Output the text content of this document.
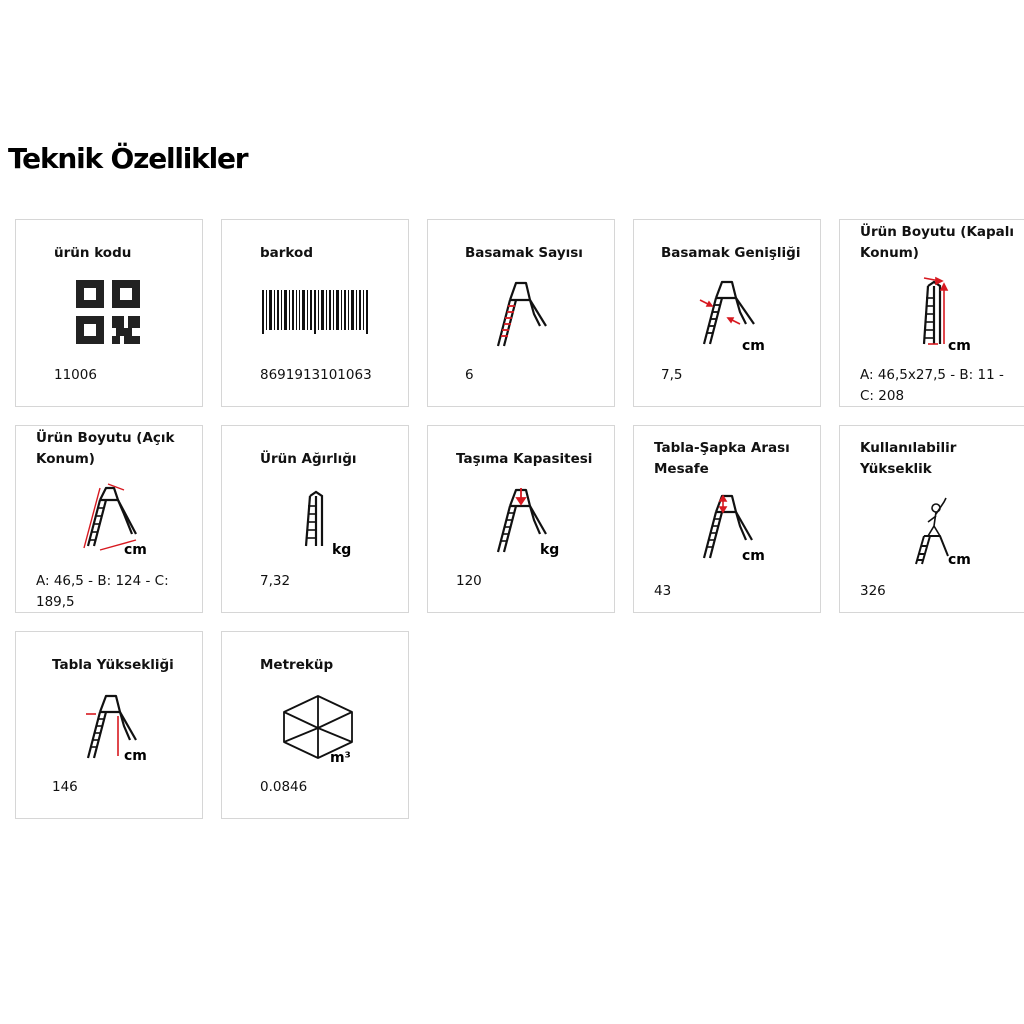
Teknik Özellikler
ürün kodu
11006
barkod
8691913101063
Basamak Sayısı
6
Basamak Genişliği
cm
7,5
Ürün Boyutu (Kapalı Konum)
cm
A: 46,5x27,5 - B: 11 - C: 208
Ürün Boyutu (Açık Konum)
cm
A: 46,5 - B: 124 - C: 189,5
Ürün Ağırlığı
kg
7,32
Taşıma Kapasitesi
kg
120
Tabla-Şapka Arası Mesafe
cm
43
Kullanılabilir Yükseklik
cm
326
Tabla Yüksekliği
cm
146
Metreküp
m³
0.0846
